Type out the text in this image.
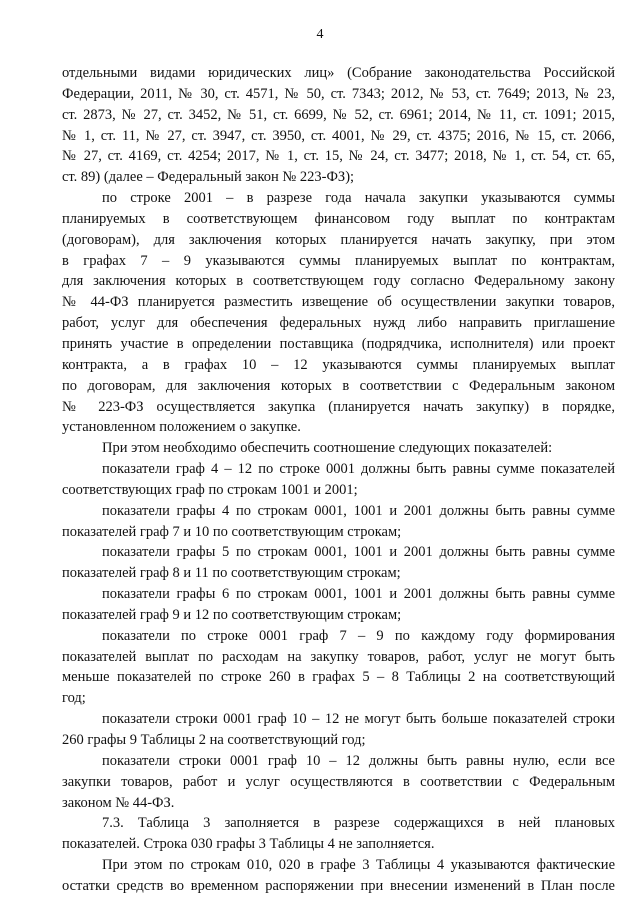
4
отдельными видами юридических лиц» (Собрание законодательства Российской
Федерации, 2011, № 30, ст. 4571, № 50, ст. 7343; 2012, № 53, ст. 7649; 2013, № 23,
ст. 2873, № 27, ст. 3452, № 51, ст. 6699, № 52, ст. 6961; 2014, № 11, ст. 1091; 2015,
№ 1, ст. 11, № 27, ст. 3947, ст. 3950, ст. 4001, № 29, ст. 4375; 2016, № 15, ст. 2066,
№ 27, ст. 4169, ст. 4254; 2017, № 1, ст. 15, № 24, ст. 3477; 2018, № 1, ст. 54, ст. 65,
ст. 89) (далее – Федеральный закон № 223-ФЗ);
по строке 2001 – в разрезе года начала закупки указываются суммы
планируемых в соответствующем финансовом году выплат по контрактам
(договорам), для заключения которых планируется начать закупку, при этом
в графах 7 – 9 указываются суммы планируемых выплат по контрактам,
для заключения которых в соответствующем году согласно Федеральному закону
№ 44-ФЗ планируется разместить извещение об осуществлении закупки товаров,
работ, услуг для обеспечения федеральных нужд либо направить приглашение
принять участие в определении поставщика (подрядчика, исполнителя) или проект
контракта, а в графах 10 – 12 указываются суммы планируемых выплат
по договорам, для заключения которых в соответствии с Федеральным законом
№ 223-ФЗ осуществляется закупка (планируется начать закупку) в порядке,
установленном положением о закупке.
При этом необходимо обеспечить соотношение следующих показателей:
показатели граф 4 – 12 по строке 0001 должны быть равны сумме показателей
соответствующих граф по строкам 1001 и 2001;
показатели графы 4 по строкам 0001, 1001 и 2001 должны быть равны сумме
показателей граф 7 и 10 по соответствующим строкам;
показатели графы 5 по строкам 0001, 1001 и 2001 должны быть равны сумме
показателей граф 8 и 11 по соответствующим строкам;
показатели графы 6 по строкам 0001, 1001 и 2001 должны быть равны сумме
показателей граф 9 и 12 по соответствующим строкам;
показатели по строке 0001 граф 7 – 9 по каждому году формирования
показателей выплат по расходам на закупку товаров, работ, услуг не могут быть
меньше показателей по строке 260 в графах 5 – 8 Таблицы 2 на соответствующий
год;
показатели строки 0001 граф 10 – 12 не могут быть больше показателей строки
260 графы 9 Таблицы 2 на соответствующий год;
показатели строки 0001 граф 10 – 12 должны быть равны нулю, если все
закупки товаров, работ и услуг осуществляются в соответствии с Федеральным
законом № 44-ФЗ.
7.3. Таблица 3 заполняется в разрезе содержащихся в ней плановых
показателей. Строка 030 графы 3 Таблицы 4 не заполняется.
При этом по строкам 010, 020 в графе 3 Таблицы 4 указываются фактические
остатки средств во временном распоряжении при внесении изменений в План после
